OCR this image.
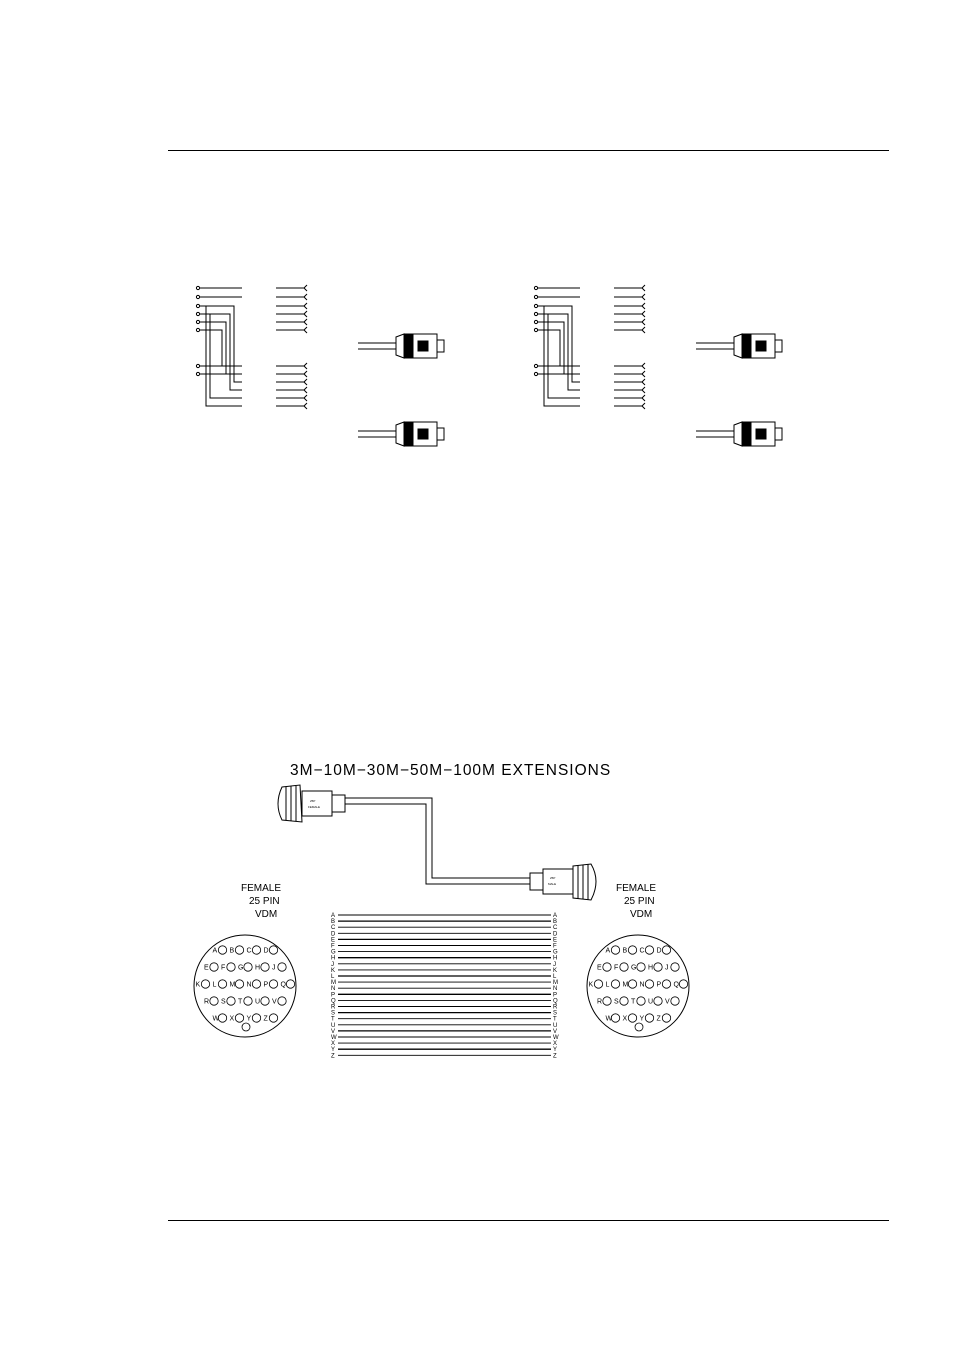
3M−10M−30M−50M−100M EXTENSIONS
25P
FEMALE
25P
MALE
FEMALE
25 PIN
VDM
FEMALE
25 PIN
VDM
A B C D
E F G H J
K L M N P Q
R S T U V
W X Y Z
A B C D
E F G H J
K L M N P Q
R S T U V
W X Y Z
A	A
B	B
C	C
D	D
E	E
F	F
G	G
H	H
J	J
K	K
L	L
M	M
N	N
P	P
Q	Q
R	R
S	S
T	T
U	U
V	V
W	W
X	X
Y	Y
Z	Z
